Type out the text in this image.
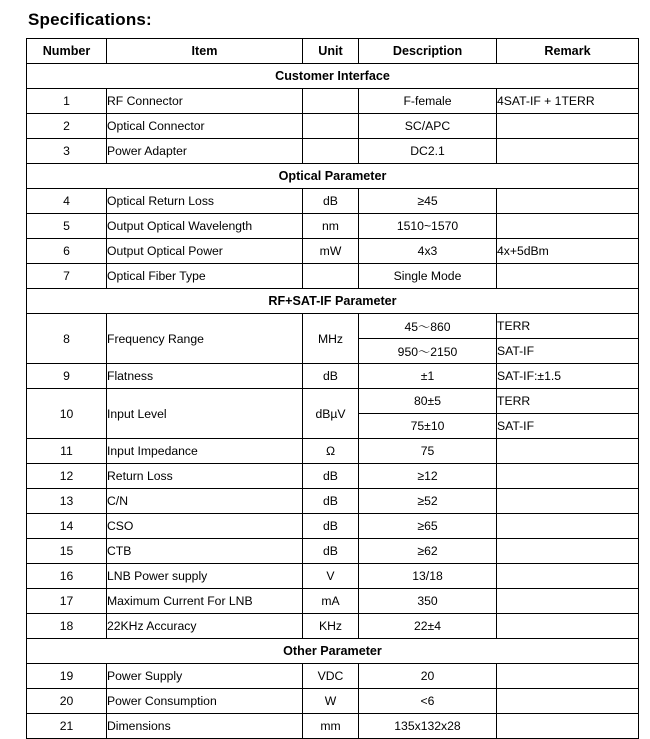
Specifications:
Number	Item	Unit	Description	Remark
Customer Interface				
1	RF Connector		F-female	4SAT-IF + 1TERR
2	Optical Connector		SC/APC	
3	Power Adapter		DC2.1	
Optical Parameter				
4	Optical Return Loss	dB	≥45	
5	Output Optical Wavelength	nm	1510~1570	
6	Output Optical Power	mW	4x3	4x+5dBm
7	Optical Fiber Type		Single Mode	
RF+SAT-IF Parameter				
8	Frequency Range	MHz	45〜860	TERR
			950〜2150	SAT-IF
9	Flatness	dB	±1	SAT-IF:±1.5
10	Input Level	dBµV	80±5	TERR
			75±10	SAT-IF
11	Input Impedance	Ω	75	
12	Return Loss	dB	≥12	
13	C/N	dB	≥52	
14	CSO	dB	≥65	
15	CTB	dB	≥62	
16	LNB Power supply	V	13/18	
17	Maximum Current For LNB	mA	350	
18	22KHz Accuracy	KHz	22±4	
Other Parameter				
19	Power Supply	VDC	20	
20	Power Consumption	W	<6	
21	Dimensions	mm	135x132x28	
